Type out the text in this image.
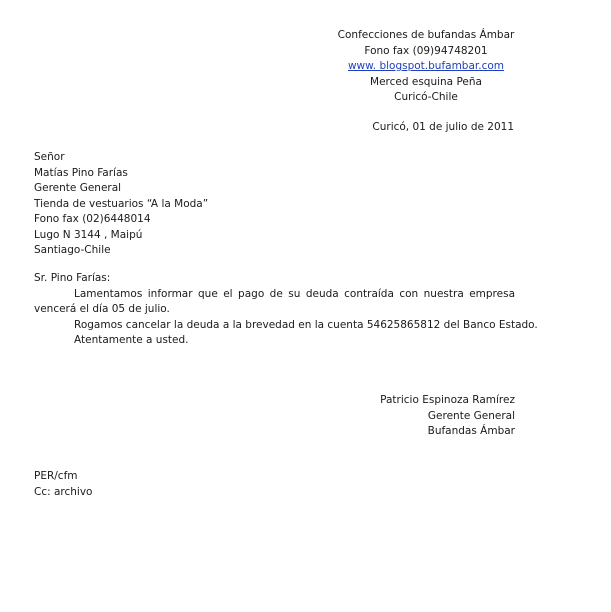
Confecciones de bufandas Ámbar
Fono fax (09)94748201
www. blogspot.bufambar.com
Merced esquina Peña
Curicó-Chile
Curicó, 01 de julio de 2011
Señor
Matías Pino Farías
Gerente General
Tienda de vestuarios “A la Moda”
Fono fax (02)6448014
Lugo N 3144 , Maipú
Santiago-Chile
Sr. Pino Farías:
Lamentamos informar que el pago de su deuda contraída con nuestra empresa
vencerá el día 05 de julio.
Rogamos cancelar la deuda a la brevedad en la cuenta 54625865812 del Banco Estado.
Atentamente a usted.
Patricio Espinoza Ramírez
Gerente General
Bufandas Ámbar
PER/cfm
Cc: archivo
